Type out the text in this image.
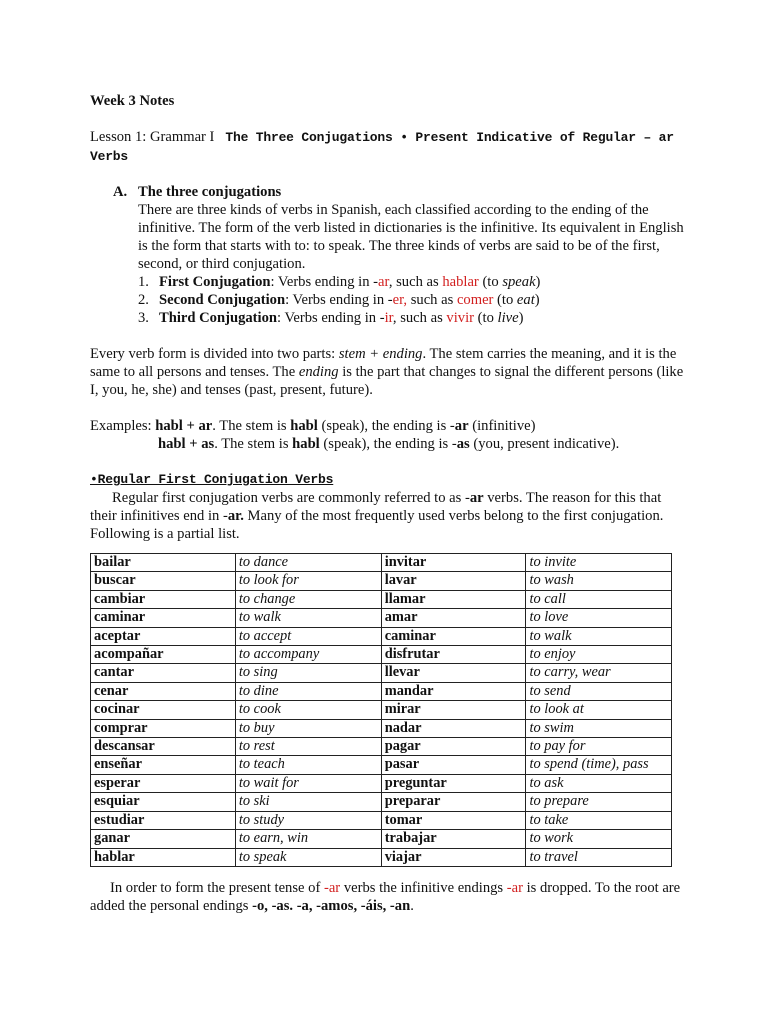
Week 3 Notes

Lesson 1: Grammar I The Three Conjugations • Present Indicative of Regular – ar Verbs
A. The three conjugations

There are three kinds of verbs in Spanish, each classified according to the ending of the infinitive. The form of the verb listed in dictionaries is the infinitive. Its equivalent in English is the form that starts with to: to speak. The three kinds of verbs are said to be of the first, second, or third conjugation.

1. First Conjugation: Verbs ending in -ar, such as hablar (to speak)
2. Second Conjugation: Verbs ending in -er, such as comer (to eat)
3. Third Conjugation: Verbs ending in -ir, such as vivir (to live)

Every verb form is divided into two parts: stem + ending. The stem carries the meaning, and it is the same to all persons and tenses. The ending is the part that changes to signal the different persons (like I, you, he, she) and tenses (past, present, future).

Examples: habl + ar. The stem is habl (speak), the ending is -ar (infinitive)
habl + as. The stem is habl (speak), the ending is -as (you, present indicative).
•Regular First Conjugation Verbs
Regular first conjugation verbs are commonly referred to as -ar verbs. The reason for this that their infinitives end in -ar. Many of the most frequently used verbs belong to the first conjugation. Following is a partial list.
bailar	to dance	invitar	to invite
buscar	to look for	lavar	to wash
cambiar	to change	llamar	to call
caminar	to walk	amar	to love
aceptar	to accept	caminar	to walk
acompañar	to accompany	disfrutar	to enjoy
cantar	to sing	llevar	to carry, wear
cenar	to dine	mandar	to send
cocinar	to cook	mirar	to look at
comprar	to buy	nadar	to swim
descansar	to rest	pagar	to pay for
enseñar	to teach	pasar	to spend (time), pass
esperar	to wait for	preguntar	to ask
esquiar	to ski	preparar	to prepare
estudiar	to study	tomar	to take
ganar	to earn, win	trabajar	to work
hablar	to speak	viajar	to travel
In order to form the present tense of -ar verbs the infinitive endings -ar is dropped. To the root are added the personal endings -o, -as. -a, -amos, -áis, -an.
